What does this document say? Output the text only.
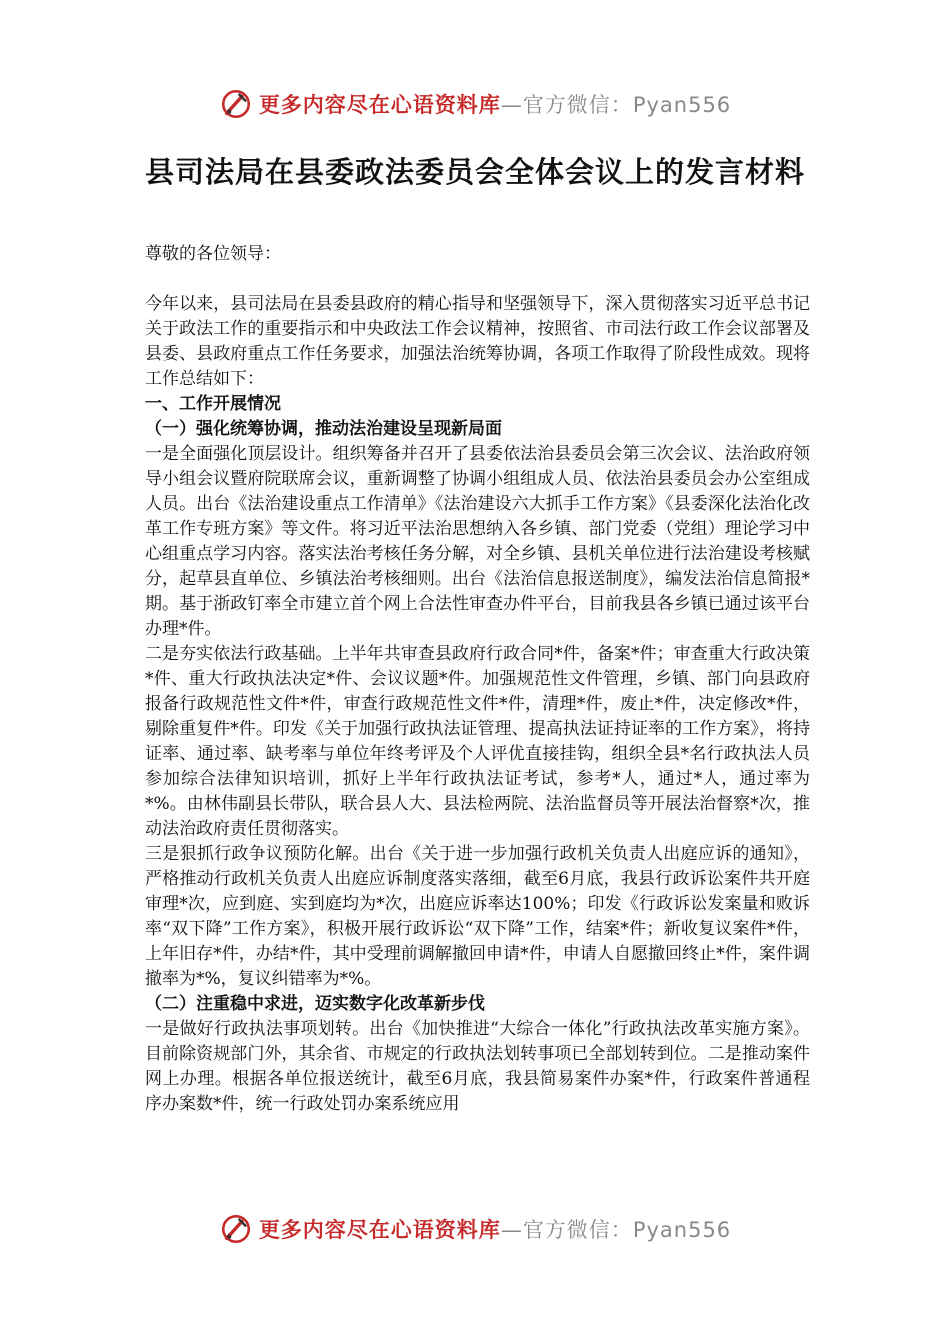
更多内容尽在心语资料库—官方微信：Pyan556
县司法局在县委政法委员会全体会议上的发言材料

尊敬的各位领导：

今年以来，县司法局在县委县政府的精心指导和坚强领导下，深入贯彻落实习近平总书记关于政法工作的重要指示和中央政法工作会议精神，按照省、市司法行政工作会议部署及县委、县政府重点工作任务要求，加强法治统筹协调，各项工作取得了阶段性成效。现将工作总结如下：

一、工作开展情况

（一）强化统筹协调，推动法治建设呈现新局面

一是全面强化顶层设计。组织筹备并召开了县委依法治县委员会第三次会议、法治政府领导小组会议暨府院联席会议，重新调整了协调小组组成人员、依法治县委员会办公室组成人员。出台《法治建设重点工作清单》《法治建设六大抓手工作方案》《县委深化法治化改革工作专班方案》等文件。将习近平法治思想纳入各乡镇、部门党委（党组）理论学习中心组重点学习内容。落实法治考核任务分解，对全乡镇、县机关单位进行法治建设考核赋分，起草县直单位、乡镇法治考核细则。出台《法治信息报送制度》，编发法治信息简报*期。基于浙政钉率全市建立首个网上合法性审查办件平台，目前我县各乡镇已通过该平台办理*件。

二是夯实依法行政基础。上半年共审查县政府行政合同*件，备案*件；审查重大行政决策*件、重大行政执法决定*件、会议议题*件。加强规范性文件管理，乡镇、部门向县政府报备行政规范性文件*件，审查行政规范性文件*件，清理*件，废止*件，决定修改*件，剔除重复件*件。印发《关于加强行政执法证管理、提高执法证持证率的工作方案》，将持证率、通过率、缺考率与单位年终考评及个人评优直接挂钩，组织全县*名行政执法人员参加综合法律知识培训，抓好上半年行政执法证考试，参考*人，通过*人，通过率为*%。由林伟副县长带队，联合县人大、县法检两院、法治监督员等开展法治督察*次，推动法治政府责任贯彻落实。

三是狠抓行政争议预防化解。出台《关于进一步加强行政机关负责人出庭应诉的通知》，严格推动行政机关负责人出庭应诉制度落实落细，截至6月底，我县行政诉讼案件共开庭审理*次，应到庭、实到庭均为*次，出庭应诉率达100%；印发《行政诉讼发案量和败诉率“双下降”工作方案》，积极开展行政诉讼“双下降”工作，结案*件；新收复议案件*件，上年旧存*件，办结*件，其中受理前调解撤回申请*件，申请人自愿撤回终止*件，案件调撤率为*%，复议纠错率为*%。

（二）注重稳中求进，迈实数字化改革新步伐

一是做好行政执法事项划转。出台《加快推进“大综合一体化”行政执法改革实施方案》。目前除资规部门外，其余省、市规定的行政执法划转事项已全部划转到位。二是推动案件网上办理。根据各单位报送统计，截至6月底，我县简易案件办案*件，行政案件普通程序办案数*件，统一行政处罚办案系统应用

更多内容尽在心语资料库—官方微信：Pyan556
